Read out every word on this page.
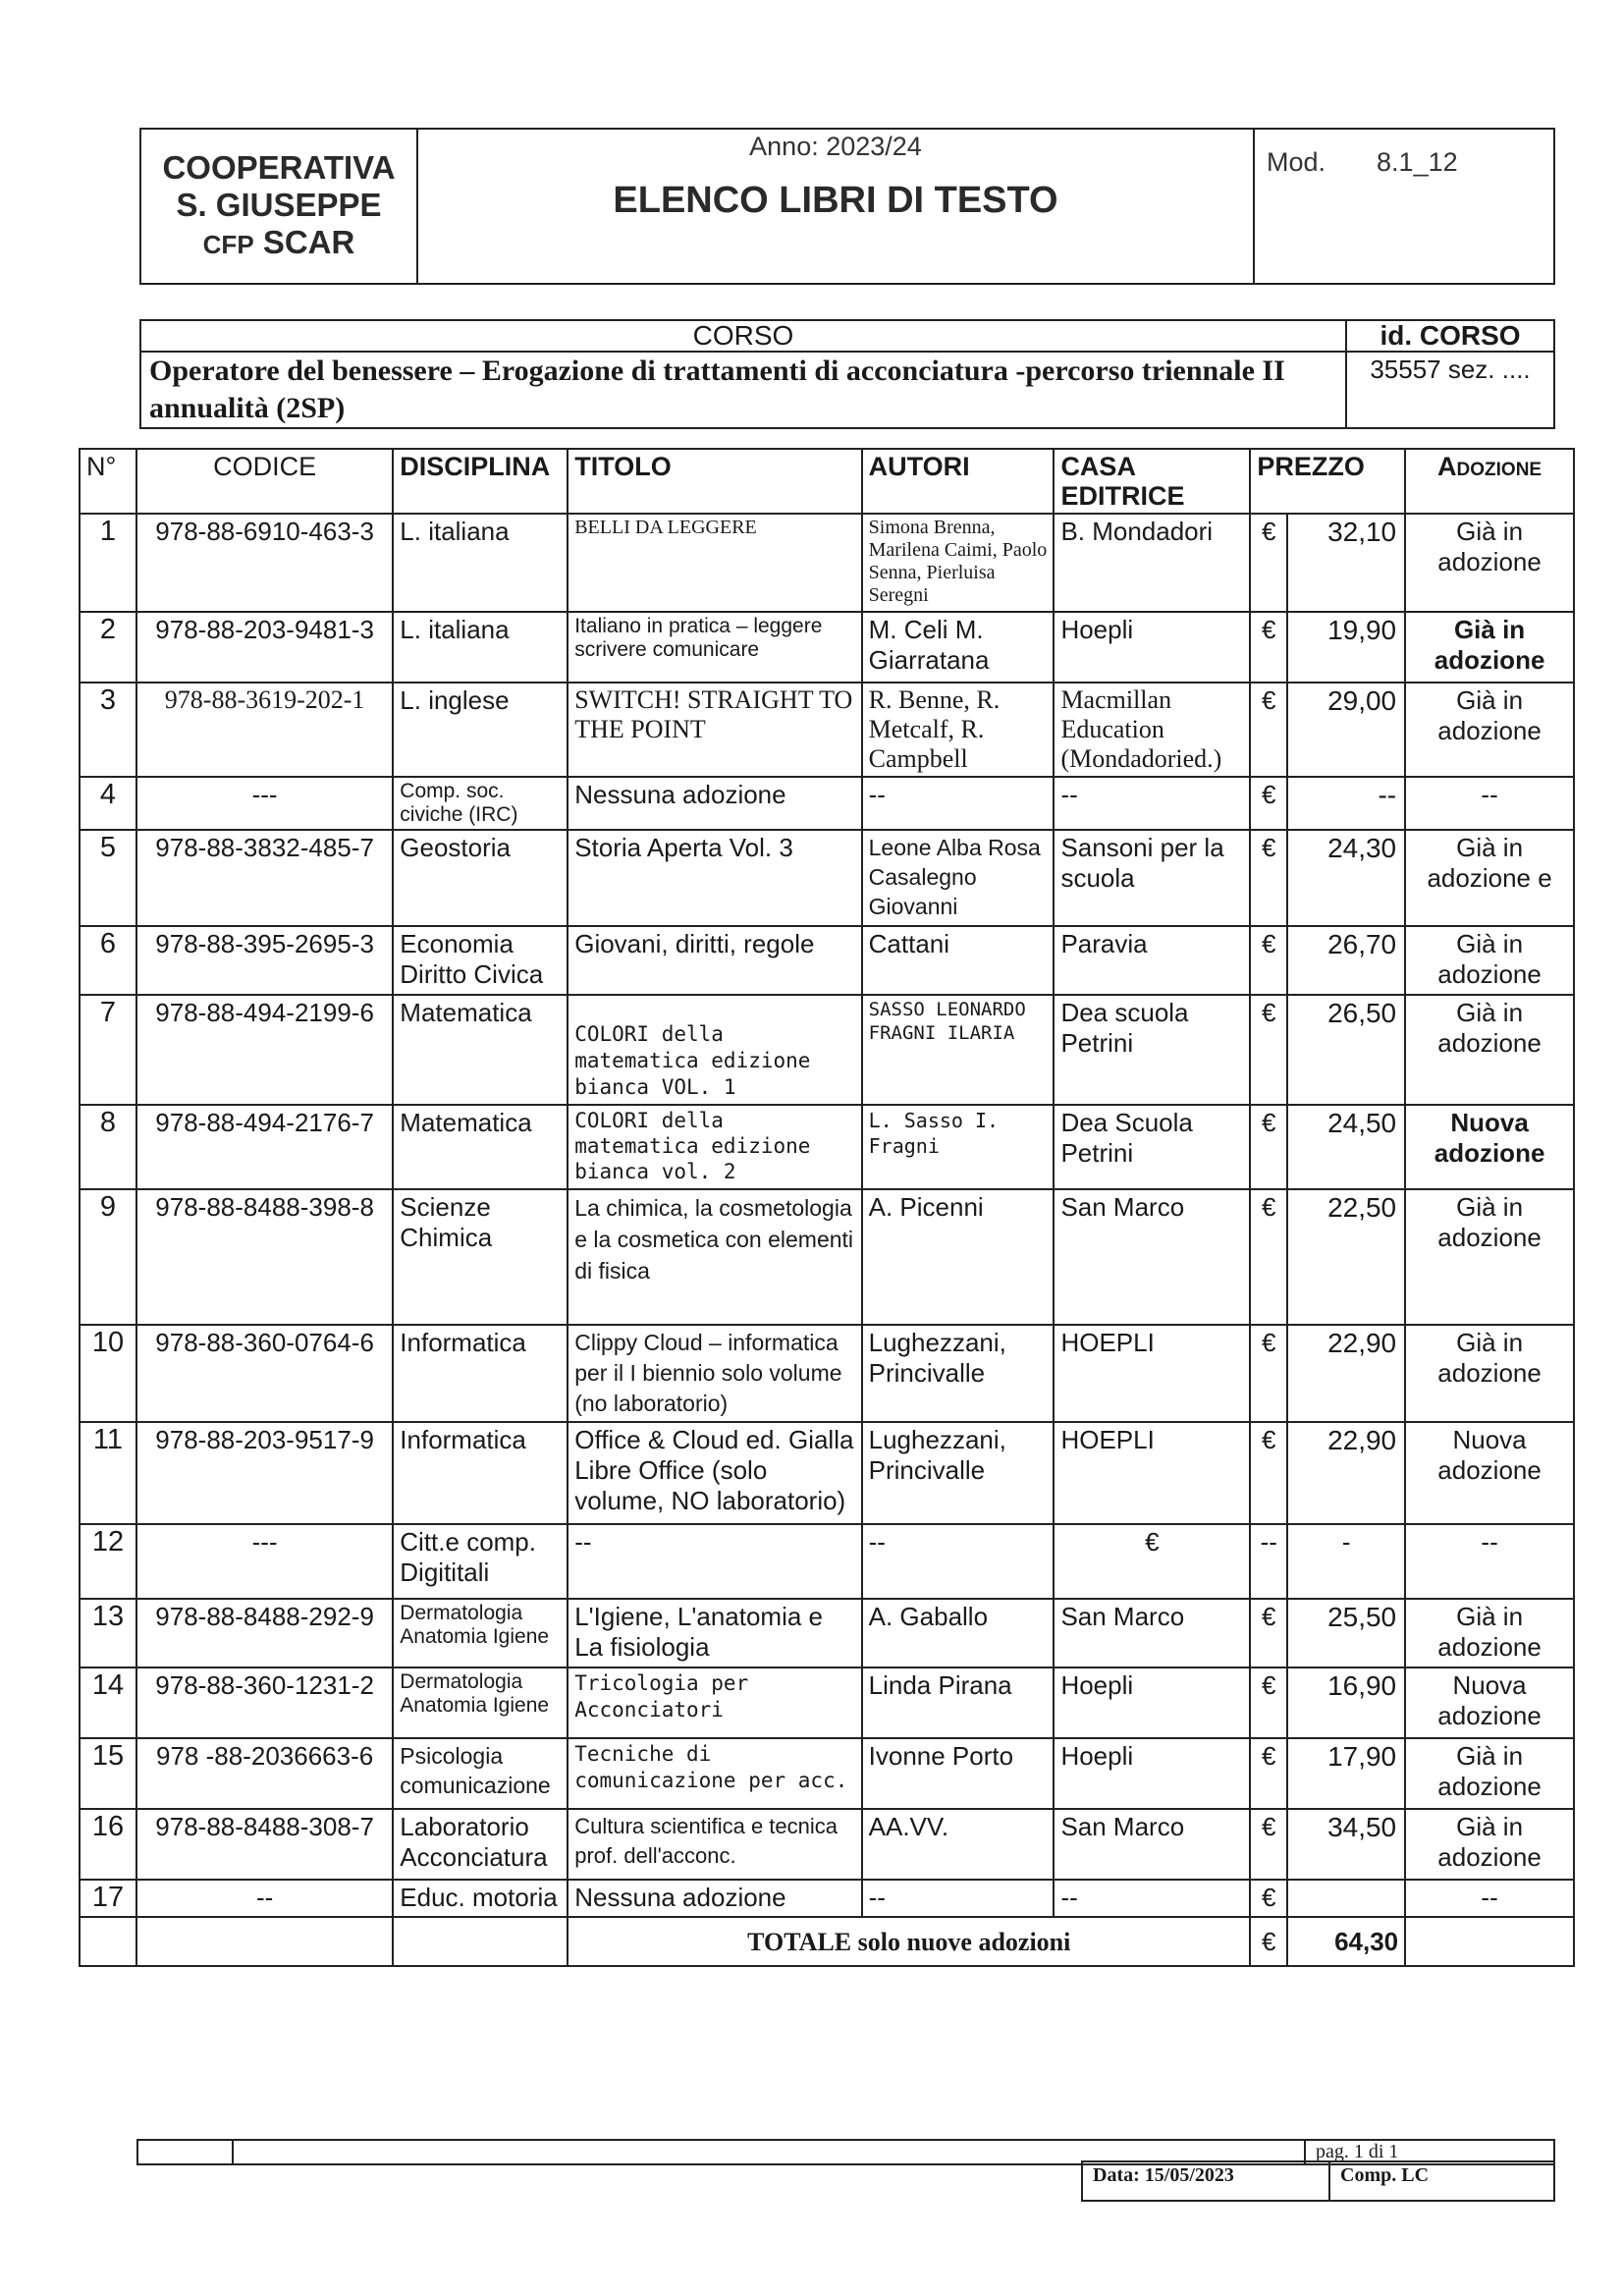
COOPERATIVA
S. GIUSEPPE
CFP SCAR

Anno: 2023/24
ELENCO LIBRI DI TESTO
	Mod. 8.1_12
CORSO	id. CORSO
Operatore del benessere – Erogazione di trattamenti di acconciatura -percorso triennale II annualità (2SP)	35557 sez. ....
N°	CODICE	DISCIPLINA	TITOLO	AUTORI	CASA EDITRICE	PREZZO		Adozione
1	978-88-6910-463-3	L. italiana	BELLI DA LEGGERE	Simona Brenna, Marilena Caimi, Paolo Senna, Pierluisa Seregni	B. Mondadori	€	32,10	Già in adozione
2	978-88-203-9481-3	L. italiana	Italiano in pratica – leggere scrivere comunicare	M. Celi M. Giarratana	Hoepli	€	19,90	Già in adozione
3	978-88-3619-202-1	L. inglese	SWITCH! STRAIGHT TO THE POINT	R. Benne, R. Metcalf, R. Campbell	Macmillan Education (Mondadoried.)	€	29,00	Già in adozione
4	---	Comp. soc. civiche (IRC)	Nessuna adozione	--	--	€	--	--
5	978-88-3832-485-7	Geostoria	Storia Aperta Vol. 3	Leone Alba Rosa Casalegno Giovanni	Sansoni per la scuola	€	24,30	Già in adozione e
6	978-88-395-2695-3	Economia Diritto Civica	Giovani, diritti, regole	Cattani	Paravia	€	26,70	Già in adozione
7	978-88-494-2199-6	Matematica	COLORI della matematica edizione bianca VOL. 1	SASSO LEONARDO FRAGNI ILARIA	Dea scuola Petrini	€	26,50	Già in adozione
8	978-88-494-2176-7	Matematica	COLORI della matematica edizione bianca vol. 2	L. Sasso I. Fragni	Dea Scuola Petrini	€	24,50	Nuova adozione
9	978-88-8488-398-8	Scienze Chimica	La chimica, la cosmetologia e la cosmetica con elementi di fisica	A. Picenni	San Marco	€	22,50	Già in adozione
10	978-88-360-0764-6	Informatica	Clippy Cloud – informatica per il I biennio solo volume (no laboratorio)	Lughezzani, Princivalle	HOEPLI	€	22,90	Già in adozione
11	978-88-203-9517-9	Informatica	Office & Cloud ed. Gialla Libre Office (solo volume, NO laboratorio)	Lughezzani, Princivalle	HOEPLI	€	22,90	Nuova adozione
12	---	Citt.e comp. Digititali	--	--	€	--	-	--
13	978-88-8488-292-9	Dermatologia Anatomia Igiene	L'Igiene, L'anatomia e La fisiologia	A. Gaballo	San Marco	€	25,50	Già in adozione
14	978-88-360-1231-2	Dermatologia Anatomia Igiene	Tricologia per Acconciatori	Linda Pirana	Hoepli	€	16,90	Nuova adozione
15	978 -88-2036663-6	Psicologia comunicazione	Tecniche di comunicazione per acc.	Ivonne Porto	Hoepli	€	17,90	Già in adozione
16	978-88-8488-308-7	Laboratorio Acconciatura	Cultura scientifica e tecnica prof. dell'acconc.	AA.VV.	San Marco	€	34,50	Già in adozione
17	--	Educ. motoria	Nessuna adozione	--	--	€		--
			TOTALE solo nuove adozioni			€	64,30	
		pag. 1 di 1
Data: 15/05/2023	Comp. LC
